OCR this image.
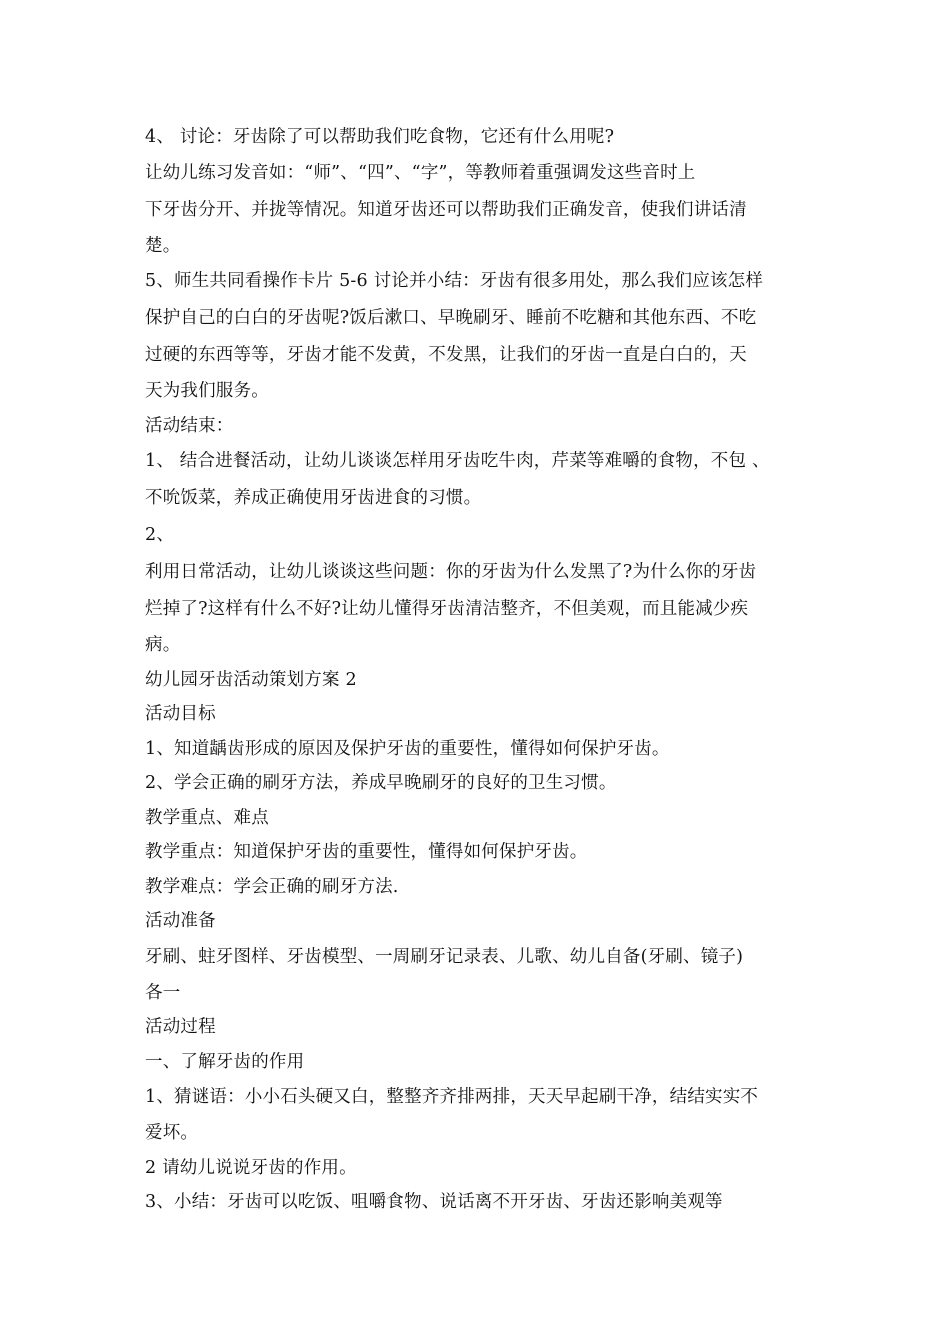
4、 讨论：牙齿除了可以帮助我们吃食物，它还有什么用呢?
让幼儿练习发音如：“师”、“四”、“字”，等教师着重强调发这些音时上
下牙齿分开、并拢等情况。知道牙齿还可以帮助我们正确发音，使我们讲话清
楚。
5、师生共同看操作卡片 5-6 讨论并小结：牙齿有很多用处，那么我们应该怎样
保护自己的白白的牙齿呢?饭后漱口、早晚刷牙、睡前不吃糖和其他东西、不吃
过硬的东西等等，牙齿才能不发黄，不发黑，让我们的牙齿一直是白白的，天
天为我们服务。
活动结束：
1、 结合进餐活动，让幼儿谈谈怎样用牙齿吃牛肉，芹菜等难嚼的食物，不包 、
不吮饭菜，养成正确使用牙齿进食的习惯。
2、
利用日常活动，让幼儿谈谈这些问题：你的牙齿为什么发黑了?为什么你的牙齿
烂掉了?这样有什么不好?让幼儿懂得牙齿清洁整齐，不但美观，而且能减少疾
病。
幼儿园牙齿活动策划方案 2
活动目标
1、知道龋齿形成的原因及保护牙齿的重要性，懂得如何保护牙齿。
2、学会正确的刷牙方法，养成早晚刷牙的良好的卫生习惯。
教学重点、难点
教学重点：知道保护牙齿的重要性，懂得如何保护牙齿。
教学难点：学会正确的刷牙方法.
活动准备
牙刷、蛀牙图样、牙齿模型、一周刷牙记录表、儿歌、幼儿自备(牙刷、镜子)
各一
活动过程
一、了解牙齿的作用
1、猜谜语：小小石头硬又白，整整齐齐排两排，天天早起刷干净，结结实实不
爱坏。
2 请幼儿说说牙齿的作用。
3、小结：牙齿可以吃饭、咀嚼食物、说话离不开牙齿、牙齿还影响美观等
